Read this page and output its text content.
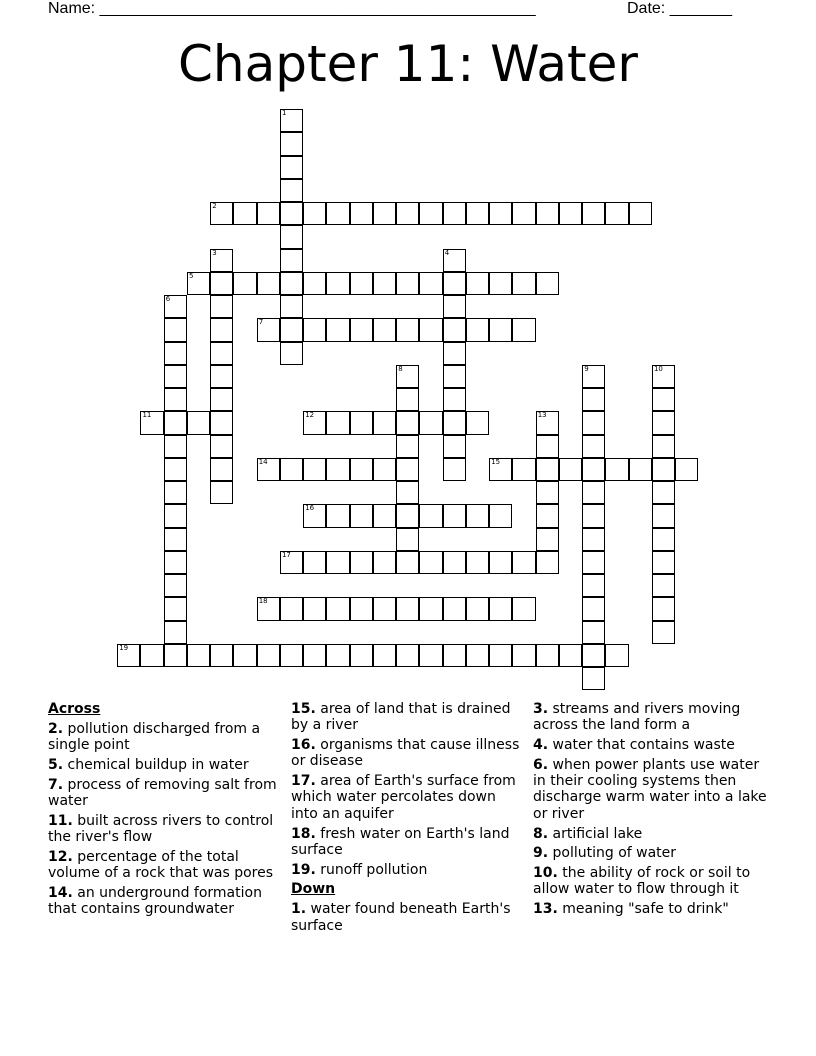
Name: _________________________________________________	Date: _______
Chapter 11: Water
1
2
3	4
5
6
7
8	9	10
11	12	13
14	15
16
17
18
19
Across
2. pollution discharged from a single point
5. chemical buildup in water
7. process of removing salt from water
11. built across rivers to control the river's flow
12. percentage of the total volume of a rock that was pores
14. an underground formation that contains groundwater
15. area of land that is drained by a river
16. organisms that cause illness or disease
17. area of Earth's surface from which water percolates down into an aquifer
18. fresh water on Earth's land surface
19. runoff pollution
Down
1. water found beneath Earth's surface
3. streams and rivers moving across the land form a
4. water that contains waste
6. when power plants use water in their cooling systems then discharge warm water into a lake or river
8. artificial lake
9. polluting of water
10. the ability of rock or soil to allow water to flow through it
13. meaning "safe to drink"
